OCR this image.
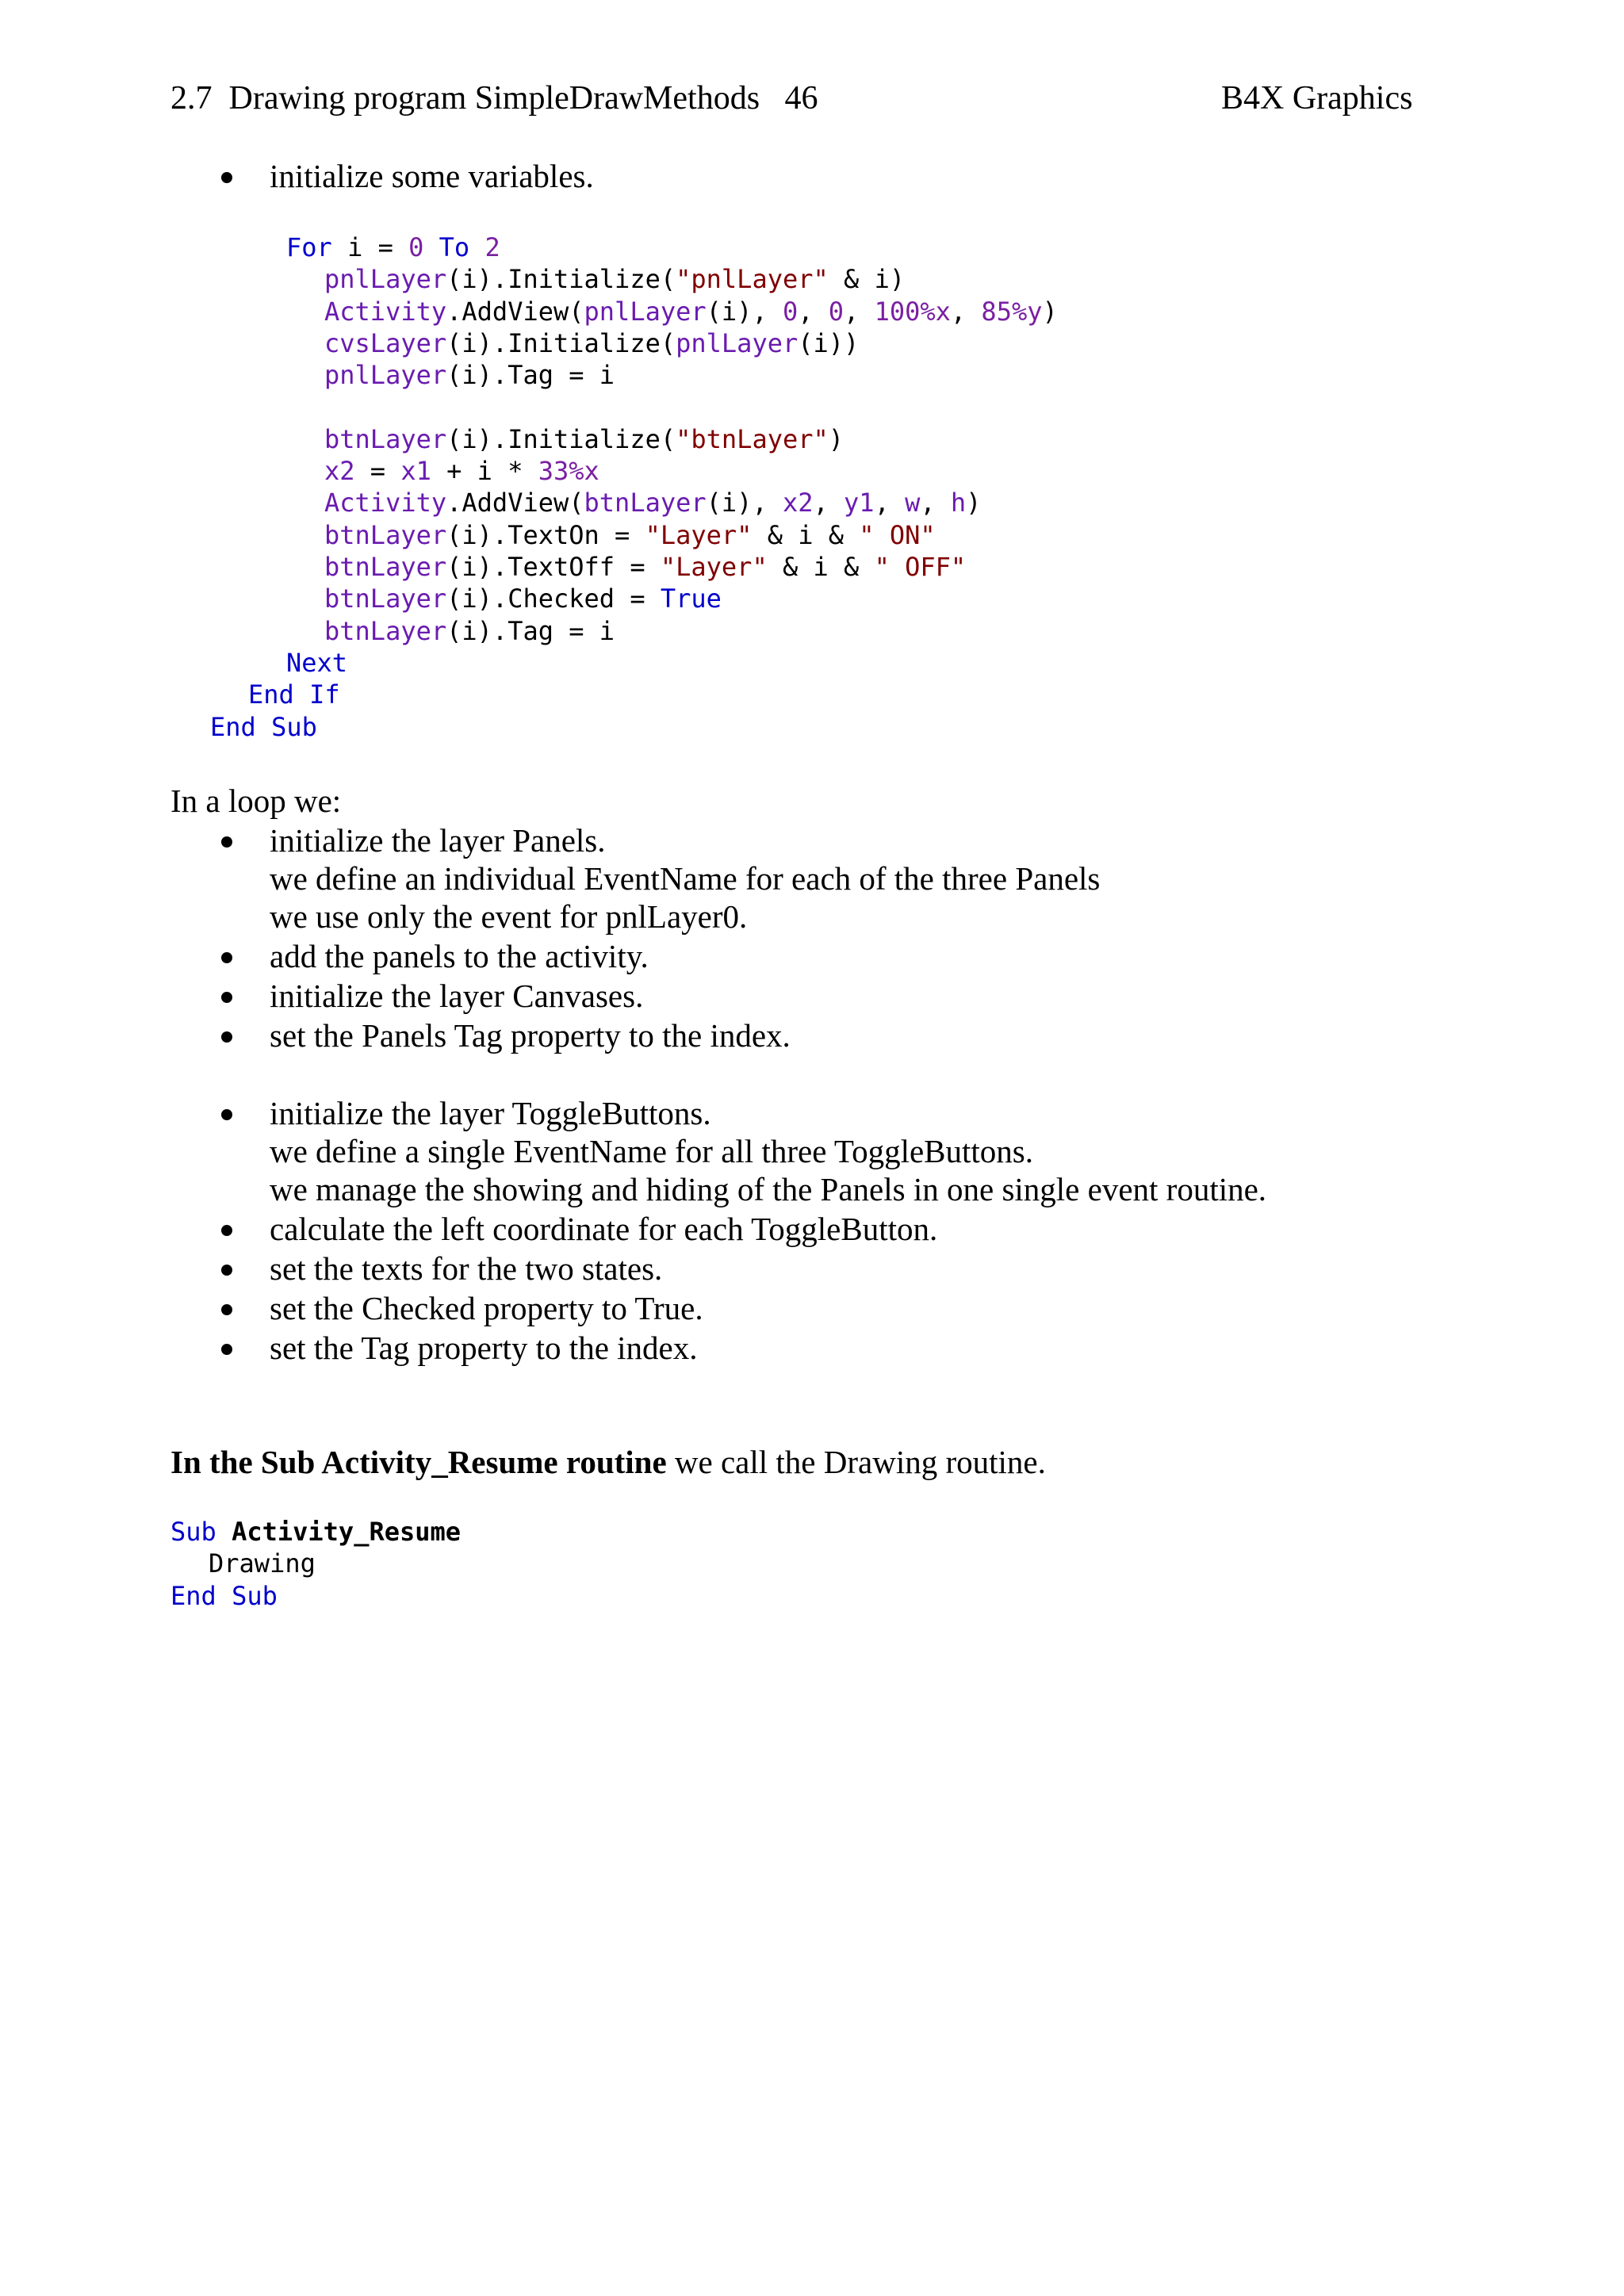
2.7  Drawing program SimpleDrawMethods   46	B4X Graphics
initialize some variables.
For i = 0 To 2
pnlLayer(i).Initialize("pnlLayer" & i)
Activity.AddView(pnlLayer(i), 0, 0, 100%x, 85%y)
cvsLayer(i).Initialize(pnlLayer(i))
pnlLayer(i).Tag = i
btnLayer(i).Initialize("btnLayer")
x2 = x1 + i * 33%x
Activity.AddView(btnLayer(i), x2, y1, w, h)
btnLayer(i).TextOn = "Layer" & i & " ON"
btnLayer(i).TextOff = "Layer" & i & " OFF"
btnLayer(i).Checked = True
btnLayer(i).Tag = i
Next
End If
End Sub
In a loop we:
initialize the layer Panels.
we define an individual EventName for each of the three Panels
we use only the event for pnlLayer0.
add the panels to the activity.
initialize the layer Canvases.
set the Panels Tag property to the index.
initialize the layer ToggleButtons.
we define a single EventName for all three ToggleButtons.
we manage the showing and hiding of the Panels in one single event routine.
calculate the left coordinate for each ToggleButton.
set the texts for the two states.
set the Checked property to True.
set the Tag property to the index.
In the Sub Activity_Resume routine we call the Drawing routine.
Sub Activity_Resume
Drawing
End Sub
